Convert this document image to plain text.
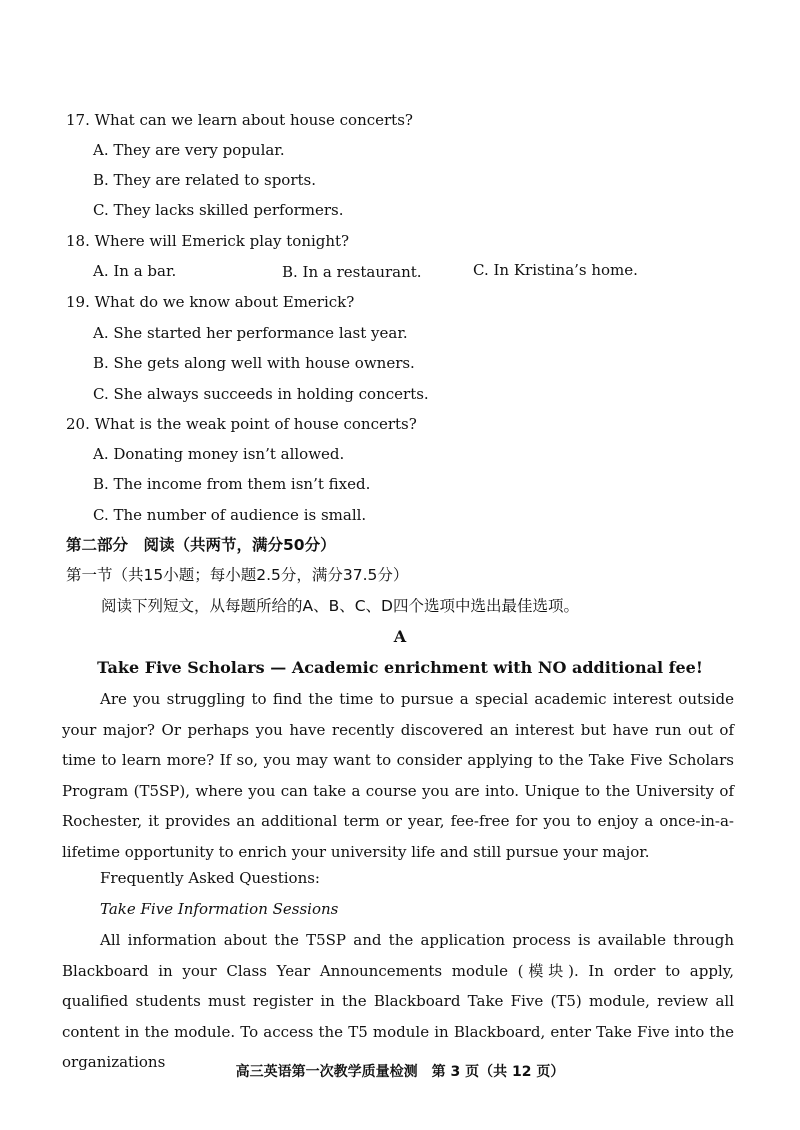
17. What can we learn about house concerts?
A. They are very popular.
B. They are related to sports.
C. They lacks skilled performers.
18. Where will Emerick play tonight?
A. In a bar.	B. In a restaurant.	C. In Kristina’s home.
19. What do we know about Emerick?
A. She started her performance last year.
B. She gets along well with house owners.
C. She always succeeds in holding concerts.
20. What is the weak point of house concerts?
A. Donating money isn’t allowed.
B. The income from them isn’t fixed.
C. The number of audience is small.
第二部分　阅读（共两节，满分50分）
第一节（共15小题；每小题2.5分，满分37.5分）
阅读下列短文，从每题所给的A、B、C、D四个选项中选出最佳选项。
A
Take Five Scholars — Academic enrichment with NO additional fee!
Are you struggling to find the time to pursue a special academic interest outside your major? Or perhaps you have recently discovered an interest but have run out of time to learn more? If so, you may want to consider applying to the Take Five Scholars Program (T5SP), where you can take a course you are into. Unique to the University of Rochester, it provides an additional term or year, fee-free for you to enjoy a once-in-a-lifetime opportunity to enrich your university life and still pursue your major.
Frequently Asked Questions:
Take Five Information Sessions
All information about the T5SP and the application process is available through Blackboard in your Class Year Announcements module (模块). In order to apply, qualified students must register in the Blackboard Take Five (T5) module, review all content in the module. To access the T5 module in Blackboard, enter Take Five into the organizations
高三英语第一次教学质量检测　第 3 页（共 12 页）
